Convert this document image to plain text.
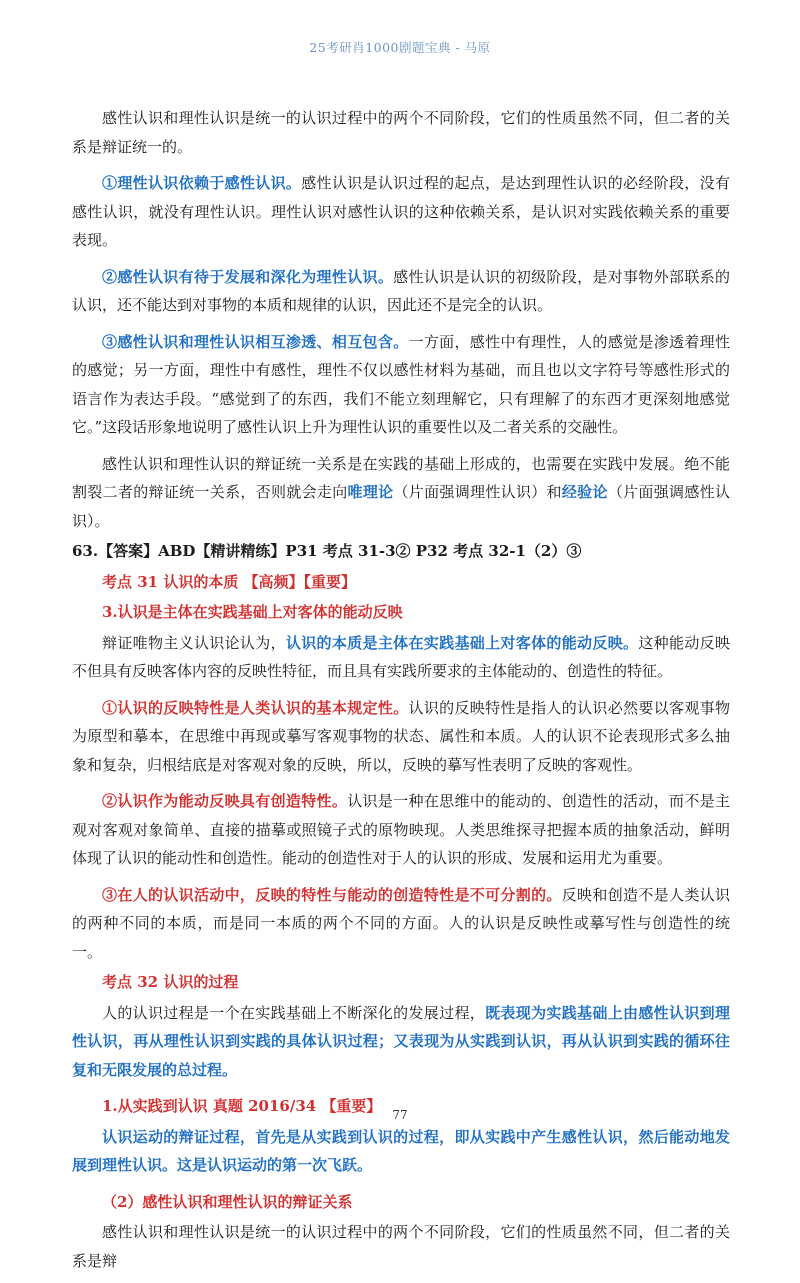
25考研肖1000剧题宝典 - 马原

感性认识和理性认识是统一的认识过程中的两个不同阶段，它们的性质虽然不同，但二者的关系是辩证统一的。

①理性认识依赖于感性认识。感性认识是认识过程的起点，是达到理性认识的必经阶段，没有感性认识，就没有理性认识。理性认识对感性认识的这种依赖关系，是认识对实践依赖关系的重要表现。

②感性认识有待于发展和深化为理性认识。感性认识是认识的初级阶段，是对事物外部联系的认识，还不能达到对事物的本质和规律的认识，因此还不是完全的认识。

③感性认识和理性认识相互渗透、相互包含。一方面，感性中有理性，人的感觉是渗透着理性的感觉；另一方面，理性中有感性，理性不仅以感性材料为基础，而且也以文字符号等感性形式的语言作为表达手段。“感觉到了的东西，我们不能立刻理解它，只有理解了的东西才更深刻地感觉它。”这段话形象地说明了感性认识上升为理性认识的重要性以及二者关系的交融性。

感性认识和理性认识的辩证统一关系是在实践的基础上形成的，也需要在实践中发展。绝不能割裂二者的辩证统一关系，否则就会走向唯理论（片面强调理性认识）和经验论（片面强调感性认识）。

63.【答案】ABD【精讲精练】P31 考点 31-3② P32 考点 32-1（2）③

考点 31 认识的本质 【高频】【重要】

3.认识是主体在实践基础上对客体的能动反映

辩证唯物主义认识论认为，认识的本质是主体在实践基础上对客体的能动反映。这种能动反映不但具有反映客体内容的反映性特征，而且具有实践所要求的主体能动的、创造性的特征。

①认识的反映特性是人类认识的基本规定性。认识的反映特性是指人的认识必然要以客观事物为原型和摹本，在思维中再现或摹写客观事物的状态、属性和本质。人的认识不论表现形式多么抽象和复杂，归根结底是对客观对象的反映，所以，反映的摹写性表明了反映的客观性。

②认识作为能动反映具有创造特性。认识是一种在思维中的能动的、创造性的活动，而不是主观对客观对象简单、直接的描摹或照镜子式的原物映现。人类思维探寻把握本质的抽象活动，鲜明体现了认识的能动性和创造性。能动的创造性对于人的认识的形成、发展和运用尤为重要。

③在人的认识活动中，反映的特性与能动的创造特性是不可分割的。反映和创造不是人类认识的两种不同的本质，而是同一本质的两个不同的方面。人的认识是反映性或摹写性与创造性的统一。

考点 32 认识的过程

人的认识过程是一个在实践基础上不断深化的发展过程，既表现为实践基础上由感性认识到理性认识，再从理性认识到实践的具体认识过程；又表现为从实践到认识，再从认识到实践的循环往复和无限发展的总过程。

1.从实践到认识 真题 2016/34 【重要】

认识运动的辩证过程，首先是从实践到认识的过程，即从实践中产生感性认识，然后能动地发展到理性认识。这是认识运动的第一次飞跃。

（2）感性认识和理性认识的辩证关系

感性认识和理性认识是统一的认识过程中的两个不同阶段，它们的性质虽然不同，但二者的关系是辩

77
